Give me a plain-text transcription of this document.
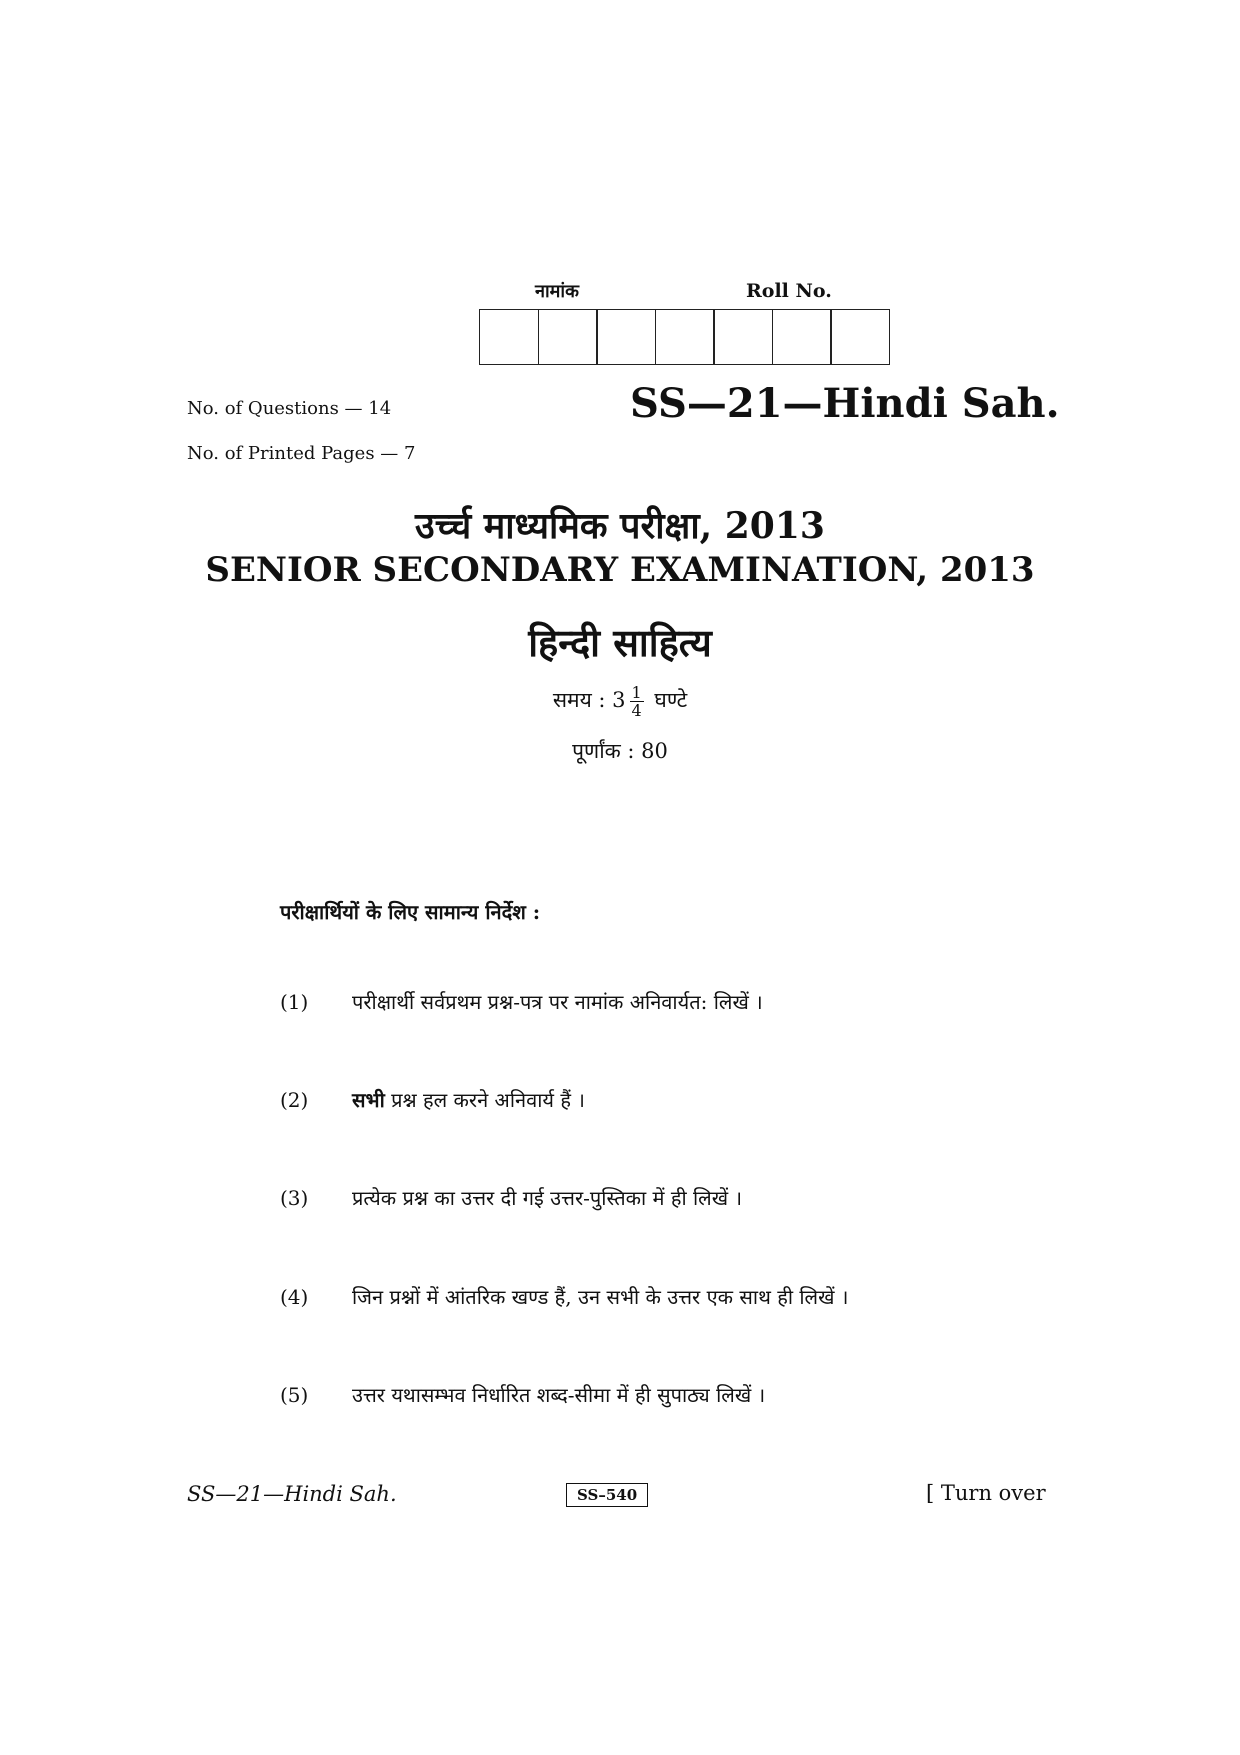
नामांक	Roll No.
No. of Questions — 14
No. of Printed Pages — 7
SS—21—Hindi Sah.
उर्च्च माध्यमिक परीक्षा, 2013
SENIOR SECONDARY EXAMINATION, 2013
हिन्दी साहित्य
समय : $3 \frac{1}{4}$ घण्टे
पूर्णांक : 80
परीक्षार्थियों के लिए सामान्य निर्देश :
(1) परीक्षार्थी सर्वप्रथम प्रश्न-पत्र पर नामांक अनिवार्यत: लिखें ।
(2) सभी प्रश्न हल करने अनिवार्य हैं ।
(3) प्रत्येक प्रश्न का उत्तर दी गई उत्तर-पुस्तिका में ही लिखें ।
(4) जिन प्रश्नों में आंतरिक खण्ड हैं, उन सभी के उत्तर एक साथ ही लिखें ।
(5) उत्तर यथासम्भव निर्धारित शब्द-सीमा में ही सुपाठ्य लिखें ।
SS—21—Hindi Sah.	SS–540	[ Turn over
